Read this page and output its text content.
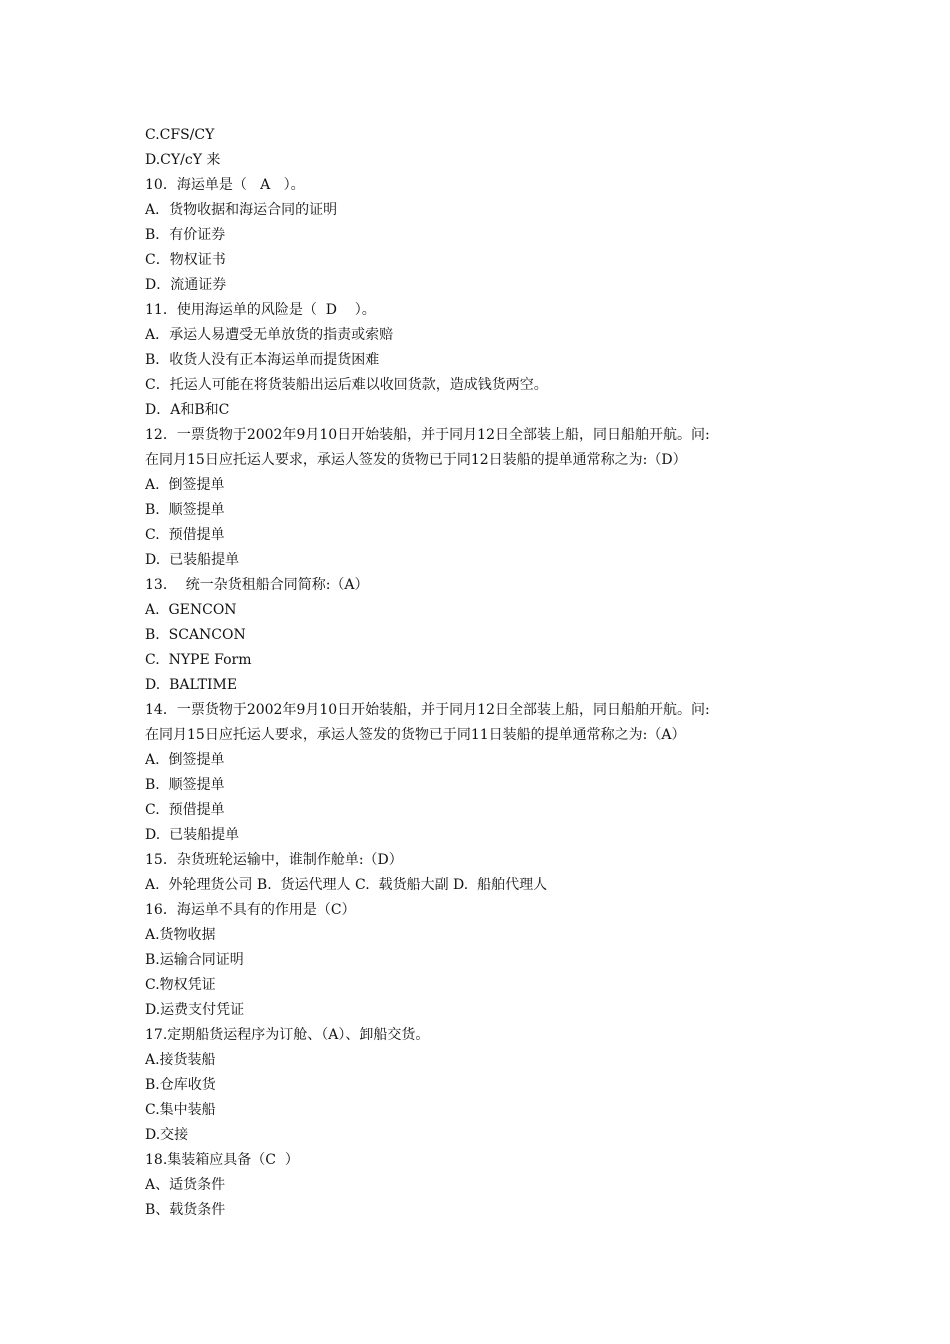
C.CFS/CY
D.CY/cY 来
10．海运单是（   A   ）。
A．货物收据和海运合同的证明
B．有价证券
C．物权证书
D．流通证券
11．使用海运单的风险是（  D    ）。
A．承运人易遭受无单放货的指责或索赔
B．收货人没有正本海运单而提货困难
C．托运人可能在将货装船出运后难以收回货款，造成钱货两空。
D．A和B和C
12．一票货物于2002年9月10日开始装船，并于同月12日全部装上船，同日船舶开航。问:
在同月15日应托运人要求，承运人签发的货物已于同12日装船的提单通常称之为:（D）
A.  倒签提单
B.  顺签提单
C.  预借提单
D.  已装船提单
13．  统一杂货租船合同简称:（A）
A.  GENCON
B.  SCANCON
C.  NYPE Form
D.  BALTIME
14．一票货物于2002年9月10日开始装船，并于同月12日全部装上船，同日船舶开航。问:
在同月15日应托运人要求，承运人签发的货物已于同11日装船的提单通常称之为:（A）
A.  倒签提单
B.  顺签提单
C.  预借提单
D.  已装船提单
15．杂货班轮运输中，谁制作舱单:（D）
A.  外轮理货公司 B.  货运代理人 C.  载货船大副 D.  船舶代理人
16．海运单不具有的作用是（C）
A.货物收据
B.运输合同证明
C.物权凭证
D.运费支付凭证
17.定期船货运程序为订舱、（A）、卸船交货。
A.接货装船
B.仓库收货
C.集中装船
D.交接
18.集装箱应具备（C  ）
A、适货条件
B、载货条件
